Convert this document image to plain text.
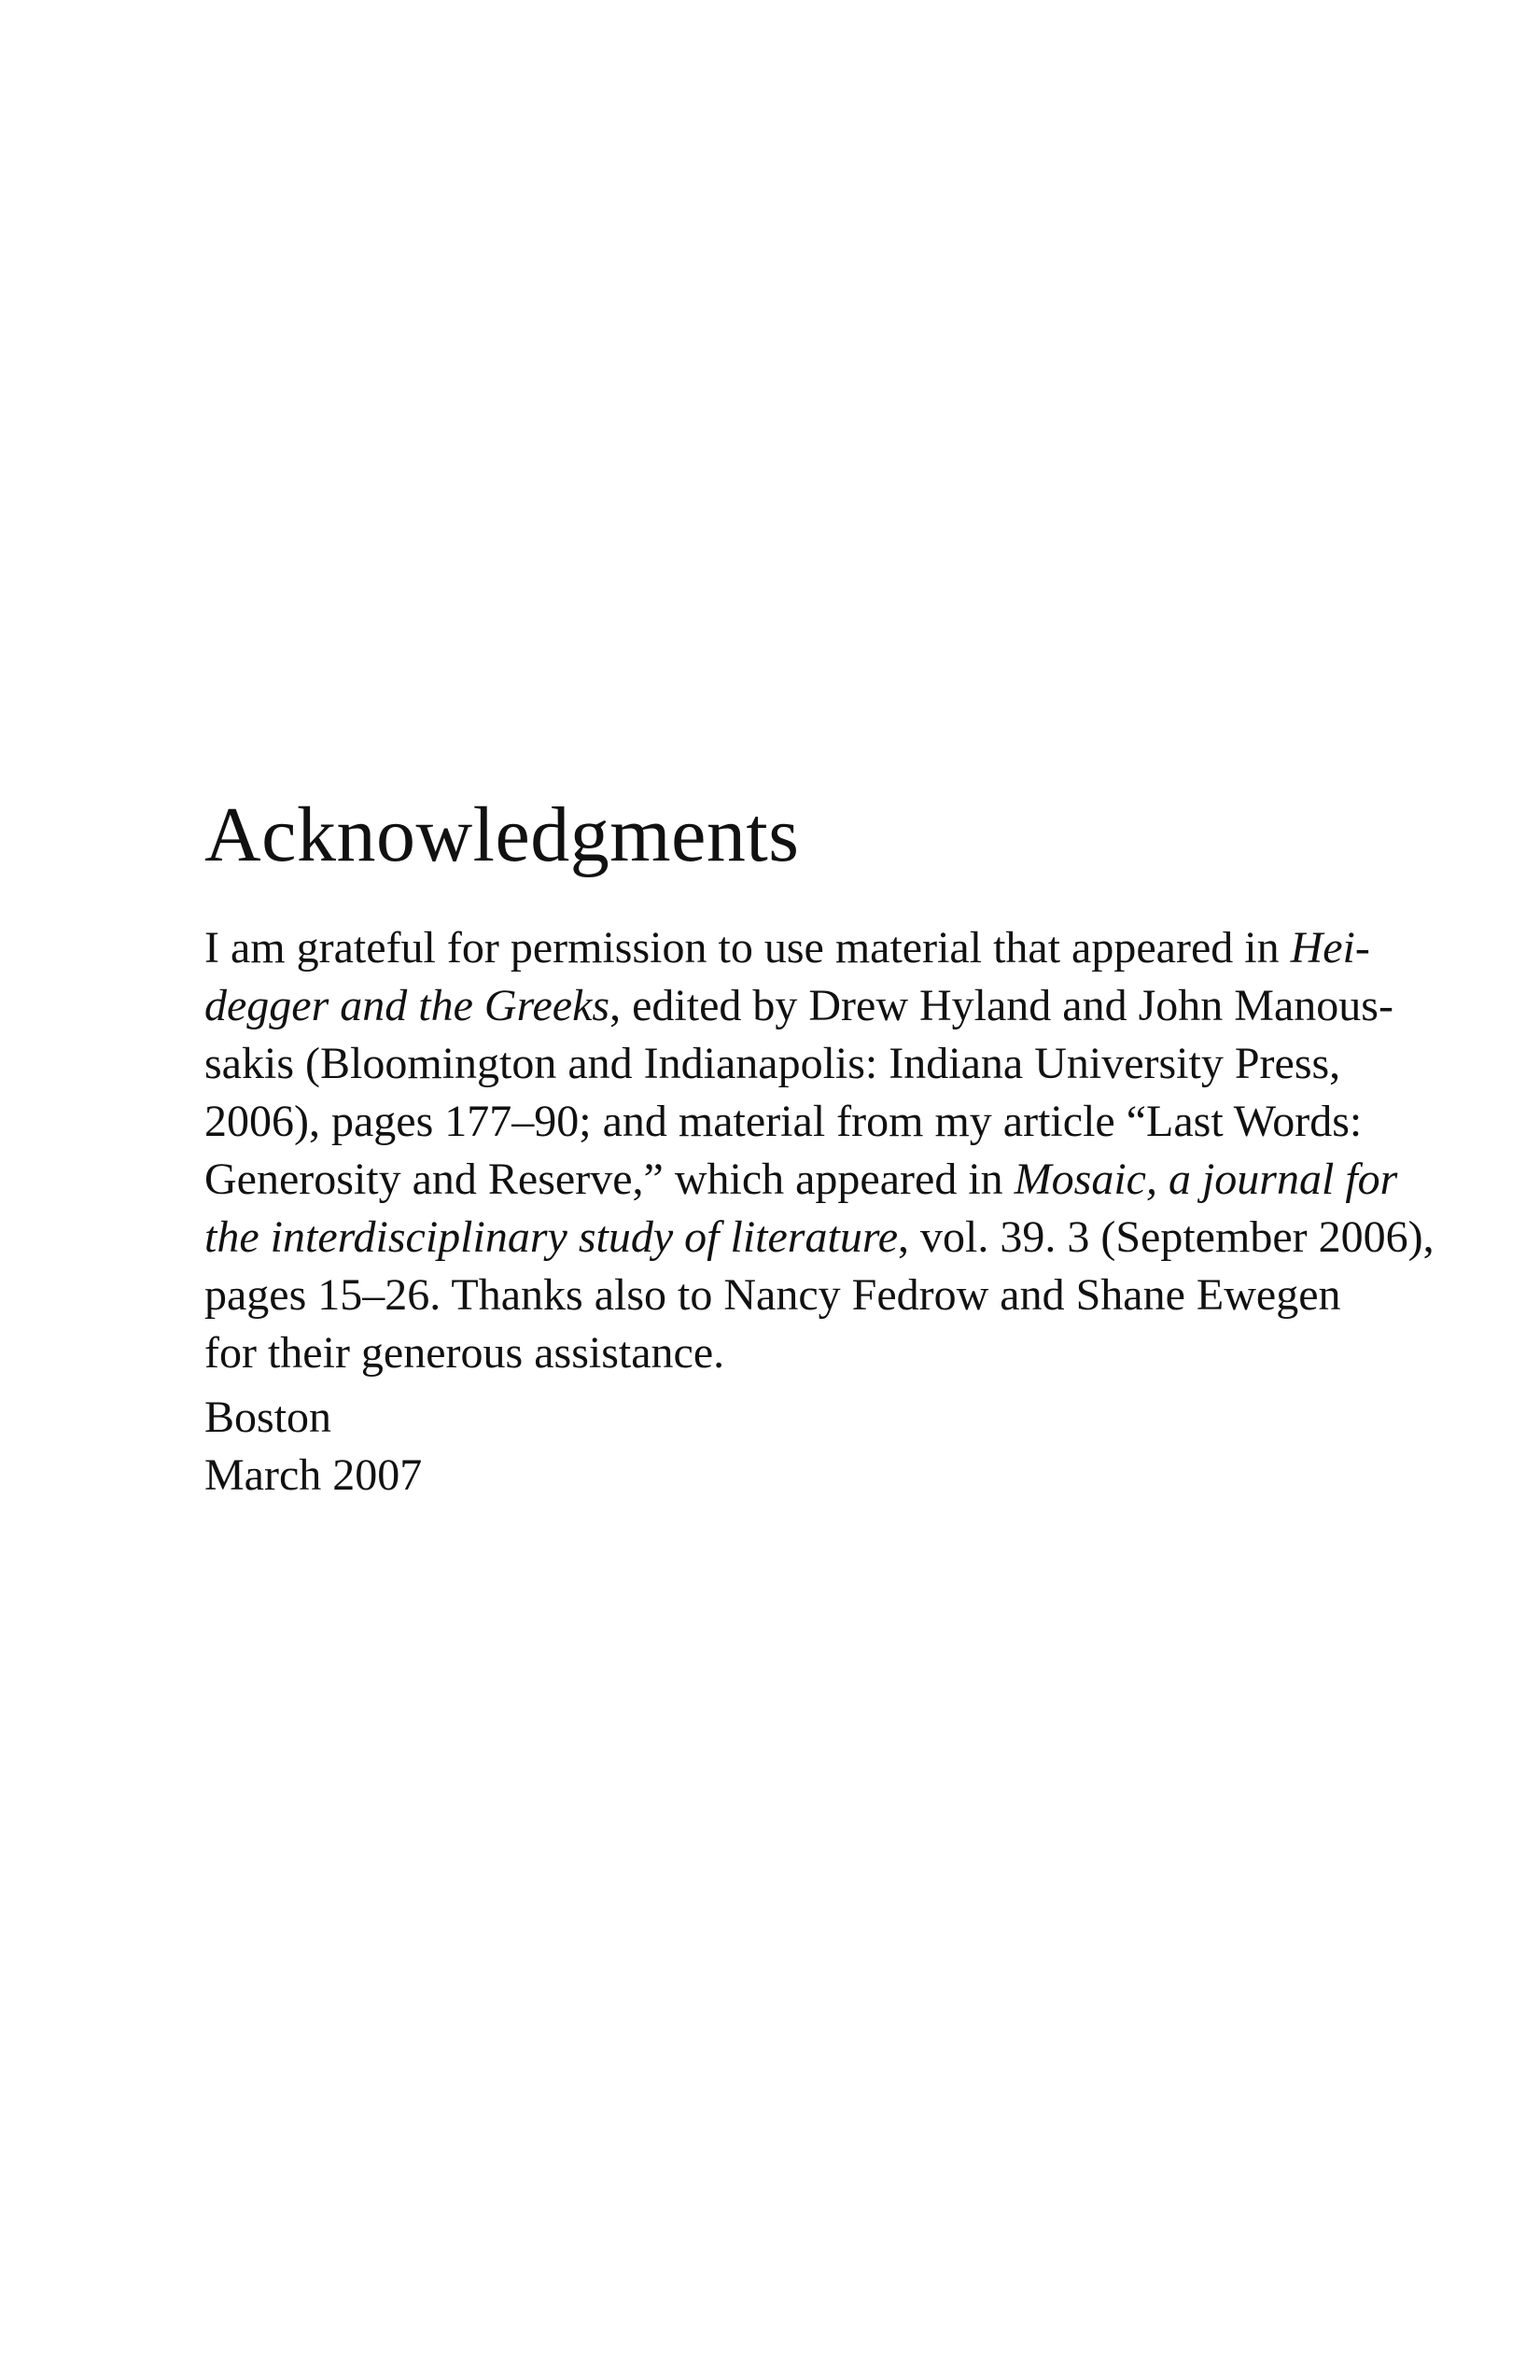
Acknowledgments

I am grateful for permission to use material that appeared in Hei-
degger and the Greeks, edited by Drew Hyland and John Manous-
sakis (Bloomington and Indianapolis: Indiana University Press,
2006), pages 177–90; and material from my article “Last Words:
Generosity and Reserve,” which appeared in Mosaic, a journal for
the interdisciplinary study of literature, vol. 39. 3 (September 2006),
pages 15–26. Thanks also to Nancy Fedrow and Shane Ewegen
for their generous assistance.

Boston
March 2007
